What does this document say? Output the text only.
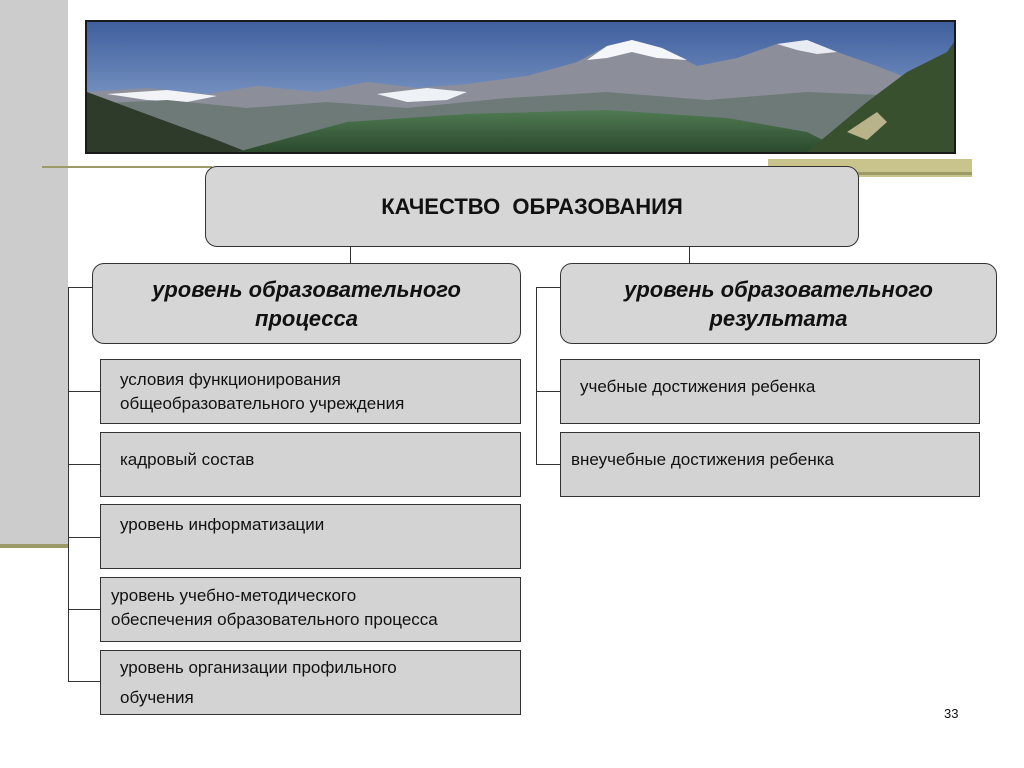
КАЧЕСТВО  ОБРАЗОВАНИЯ
уровень образовательного
процесса
уровень образовательного
результата
условия функционирования
общеобразовательного учреждения
кадровый состав
уровень информатизации
уровень учебно-методического
обеспечения образовательного процесса
уровень организации профильного
обучения
учебные достижения ребенка
внеучебные достижения ребенка
33
